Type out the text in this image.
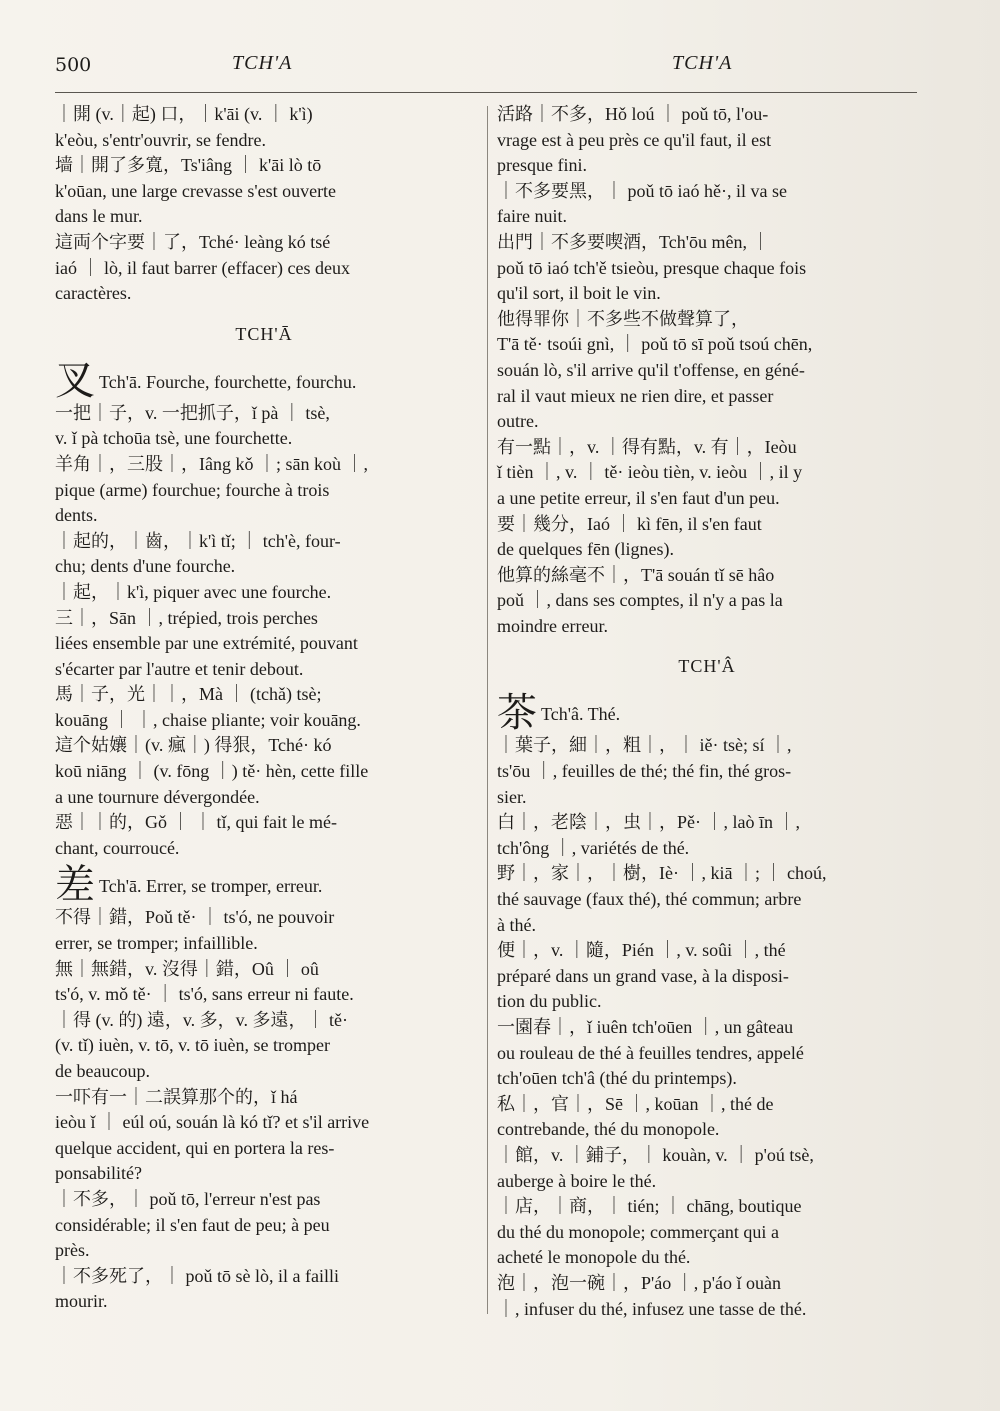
500	TCH'A	TCH'A
｜開 (v.｜起) 口，｜k'āi (v. ｜ k'ì)
k'eòu, s'entr'ouvrir, se fendre.
墙｜開了多寬，Ts'iâng ｜ k'āi lò tō
k'oūan, une large crevasse s'est ouverte
dans le mur.
這両个字要｜了，Tché· leàng kó tsé
iaó ｜ lò, il faut barrer (effacer) ces deux
caractères.
TCH'Ā
叉 Tch'ā. Fourche, fourchette, fourchu.

一把｜子，v. 一把抓子，ǐ pà ｜ tsè,
v. ǐ pà tchoūa tsè, une fourchette.
羊角｜，三股｜，Iâng kǒ ｜; sān koù ｜,
pique (arme) fourchue; fourche à trois
dents.
｜起的，｜齒，｜k'ì tǐ; ｜ tch'è, four-
chu; dents d'une fourche.
｜起，｜k'ì, piquer avec une fourche.
三｜，Sān ｜, trépied, trois perches
liées ensemble par une extrémité, pouvant
s'écarter par l'autre et tenir debout.
馬｜子，光｜｜，Mà ｜ (tchǎ) tsè;
kouāng ｜ ｜, chaise pliante; voir kouāng.
這个姑孃｜(v. 瘋｜) 得狠，Tché· kó
koū niāng ｜ (v. fōng ｜) tě· hèn, cette fille
a une tournure dévergondée.
惡｜｜的，Gǒ ｜ ｜ tǐ, qui fait le mé-
chant, courroucé.
差 Tch'ā. Errer, se tromper, erreur.

不得｜錯，Poǔ tě· ｜ ts'ó, ne pouvoir
errer, se tromper; infaillible.
無｜無錯，v. 沒得｜錯，Oû ｜ oû
ts'ó, v. mǒ tě· ｜ ts'ó, sans erreur ni faute.
｜得 (v. 的) 遠，v. 多，v. 多遠，｜ tě·
(v. tǐ) iuèn, v. tō, v. tō iuèn, se tromper
de beaucoup.
一吓有一｜二誤算那个的，ǐ há
ieòu ǐ ｜ eúl oú, souán là kó tǐ? et s'il arrive
quelque accident, qui en portera la res-
ponsabilité?
｜不多，｜ poǔ tō, l'erreur n'est pas
considérable; il s'en faut de peu; à peu
près.
｜不多死了，｜ poǔ tō sè lò, il a failli
mourir.
活路｜不多，Hǒ loú ｜ poǔ tō, l'ou-
vrage est à peu près ce qu'il faut, il est
presque fini.
｜不多要黑，｜ poǔ tō iaó hě·, il va se
faire nuit.
出門｜不多要喫酒，Tch'ōu mên, ｜
poǔ tō iaó tch'ě tsieòu, presque chaque fois
qu'il sort, il boit le vin.
他得罪你｜不多些不做聲算了，
T'ā tě· tsoúi gnì, ｜ poǔ tō sī poǔ tsoú chēn,
souán lò, s'il arrive qu'il t'offense, en géné-
ral il vaut mieux ne rien dire, et passer
outre.
有一點｜，v. ｜得有點，v. 有｜，Ieòu
ǐ tièn ｜, v. ｜ tě· ieòu tièn, v. ieòu ｜, il y
a une petite erreur, il s'en faut d'un peu.
要｜幾分，Iaó ｜ kì fēn, il s'en faut
de quelques fēn (lignes).
他算的絲毫不｜，T'ā souán tǐ sē hâo
poǔ ｜, dans ses comptes, il n'y a pas la
moindre erreur.
TCH'Â
茶 Tch'â. Thé.

｜葉子，細｜，粗｜，｜ iě· tsè; sí ｜,
ts'ōu ｜, feuilles de thé; thé fin, thé gros-
sier.
白｜，老陰｜，虫｜，Pě· ｜, laò īn ｜,
tch'ông ｜, variétés de thé.
野｜，家｜，｜樹，Iè· ｜, kiā ｜; ｜ choú,
thé sauvage (faux thé), thé commun; arbre
à thé.
便｜，v. ｜隨，Pién ｜, v. soûi ｜, thé
préparé dans un grand vase, à la disposi-
tion du public.
一園春｜，ǐ iuên tch'oūen ｜, un gâteau
ou rouleau de thé à feuilles tendres, appelé
tch'oūen tch'â (thé du printemps).
私｜，官｜，Sē ｜, koūan ｜, thé de
contrebande, thé du monopole.
｜館，v. ｜鋪子，｜ kouàn, v. ｜ p'oú tsè,
auberge à boire le thé.
｜店，｜商，｜ tién; ｜ chāng, boutique
du thé du monopole; commerçant qui a
acheté le monopole du thé.
泡｜，泡一碗｜，P'áo ｜, p'áo ǐ ouàn
｜, infuser du thé, infusez une tasse de thé.
